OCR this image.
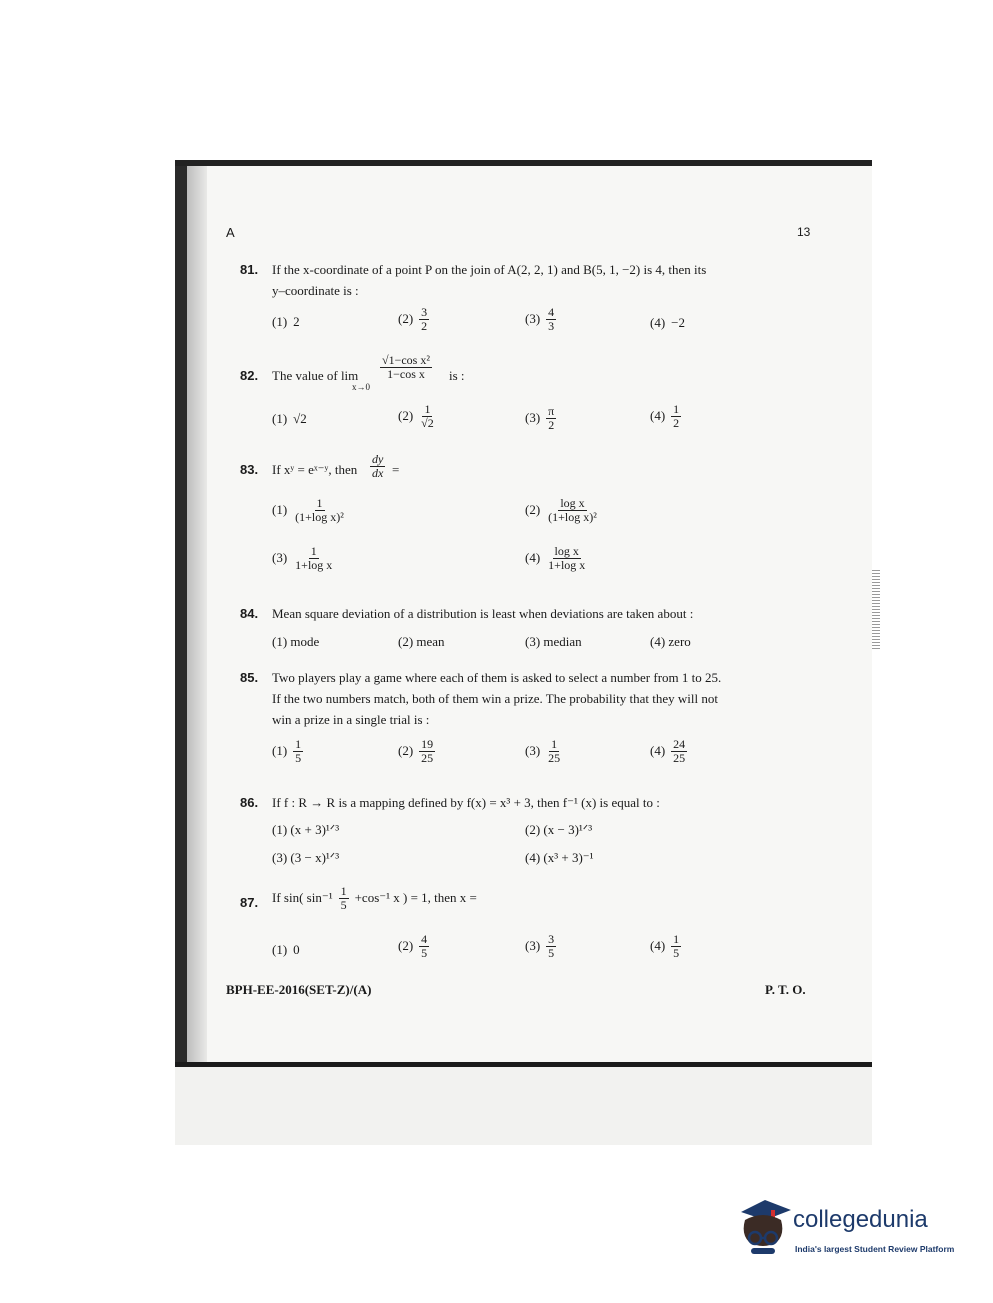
A	13
81. If the x-coordinate of a point P on the join of A(2, 2, 1) and B(5, 1, −2) is 4, then its
y–coordinate is :
(1) 2	$(2) \frac{3}{2}$	$(3) \frac{4}{3}$	(4) −2
82. The value of lim
x→0
$\frac{\text{√1−cos x²}}{\text{1−cos x}}$ is :
(1) √2	$(2) \frac{1}{√2}$	$(3) \frac{\pi}{2}$	$(4) \frac{1}{2}$
83. If xʸ = eˣ⁻ʸ, then $\frac{dy}{dx}$ =
$(1) \frac{1}{\text{(1+log x)²}}$	$(2) \frac{\text{log x}}{\text{(1+log x)²}}$
$(3) \frac{1}{\text{1+log x}}$	$(4) \frac{\text{log x}}{\text{1+log x}}$
84. Mean square deviation of a distribution is least when deviations are taken about :
(1) mode	(2) mean	(3) median	(4) zero
85. Two players play a game where each of them is asked to select a number from 1 to 25.
If the two numbers match, both of them win a prize. The probability that they will not
win a prize in a single trial is :
$(1) \frac{1}{5}$	$(2) \frac{19}{25}$	$(3) \frac{1}{25}$	$(4) \frac{24}{25}$
86. If f : R → R is a mapping defined by f(x) = x³ + 3, then f⁻¹ (x) is equal to :
(1) (x + 3)¹ᐟ³	(2) (x − 3)¹ᐟ³
(3) (3 − x)¹ᐟ³	(4) (x³ + 3)⁻¹
87. If sin( $\sin^{-1} \frac{1}{5} +\cos^{-1}$ x ) = 1, then x =
(1) 0	$(2) \frac{4}{5}$	$(3) \frac{3}{5}$	$(4) \frac{1}{5}$
BPH-EE-2016(SET-Z)/(A)	P. T. O.
collegedunia
India's largest Student Review Platform
